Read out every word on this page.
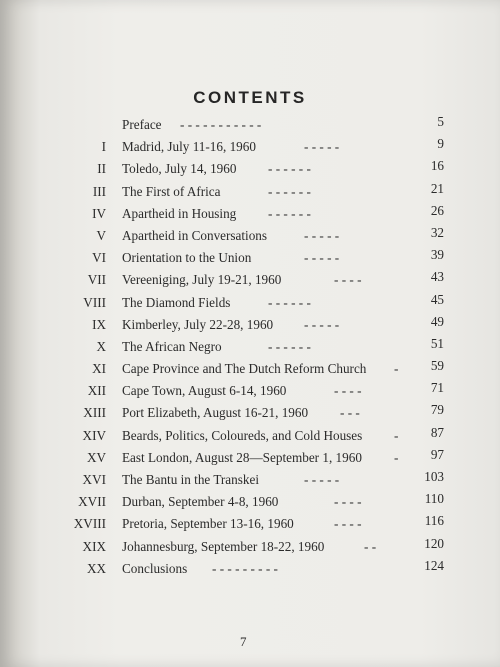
CONTENTS
Preface - - - - - - - - - - -	5
I Madrid, July 11-16, 1960	- - - - -	9
II Toledo, July 14, 1960 - - - - - -	16
III The First of Africa	- - - - - -	21
IV Apartheid in Housing - - - - - -	26
V Apartheid in Conversations	- - - - -	32
VI Orientation to the Union	- - - - -	39
VII Vereeniging, July 19-21, 1960	- - - -	43
VIII The Diamond Fields	- - - - - -	45
IX Kimberley, July 22-28, 1960 - - - - -	49
X The African Negro	- - - - - -	51
XI Cape Province and The Dutch Reform Church - 59
XII Cape Town, August 6-14, 1960	- - - -	71
XIII Port Elizabeth, August 16-21, 1960 - - -	79
XIV Beards, Politics, Coloureds, and Cold Houses - 87
XV East London, August 28—September 1, 1960 - 97
XVI The Bantu in the Transkei	- - - - -	103
XVII Durban, September 4-8, 1960	- - - -	110
XVIII Pretoria, September 13-16, 1960	- - - -	116
XIX Johannesburg, September 18-22, 1960	- -	120
XX Conclusions - - - - - - - - -	124
7
